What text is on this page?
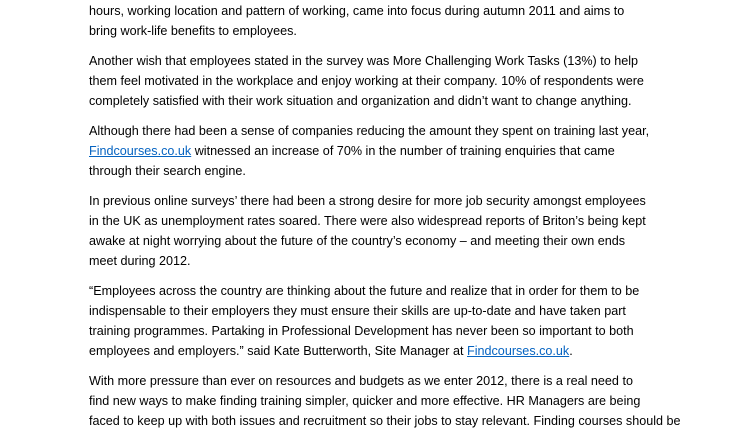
hours, working location and pattern of working, came into focus during autumn 2011 and aims to
bring work-life benefits to employees.

Another wish that employees stated in the survey was More Challenging Work Tasks (13%) to help
them feel motivated in the workplace and enjoy working at their company. 10% of respondents were
completely satisfied with their work situation and organization and didn’t want to change anything.

Although there had been a sense of companies reducing the amount they spent on training last year,
Findcourses.co.uk witnessed an increase of 70% in the number of training enquiries that came
through their search engine.

In previous online surveys’ there had been a strong desire for more job security amongst employees
in the UK as unemployment rates soared. There were also widespread reports of Briton’s being kept
awake at night worrying about the future of the country’s economy – and meeting their own ends
meet during 2012.

“Employees across the country are thinking about the future and realize that in order for them to be
indispensable to their employers they must ensure their skills are up-to-date and have taken part
training programmes. Partaking in Professional Development has never been so important to both
employees and employers.” said Kate Butterworth, Site Manager at Findcourses.co.uk.

With more pressure than ever on resources and budgets as we enter 2012, there is a real need to
find new ways to make finding training simpler, quicker and more effective. HR Managers are being
faced to keep up with both issues and recruitment so their jobs to stay relevant. Finding courses should be
